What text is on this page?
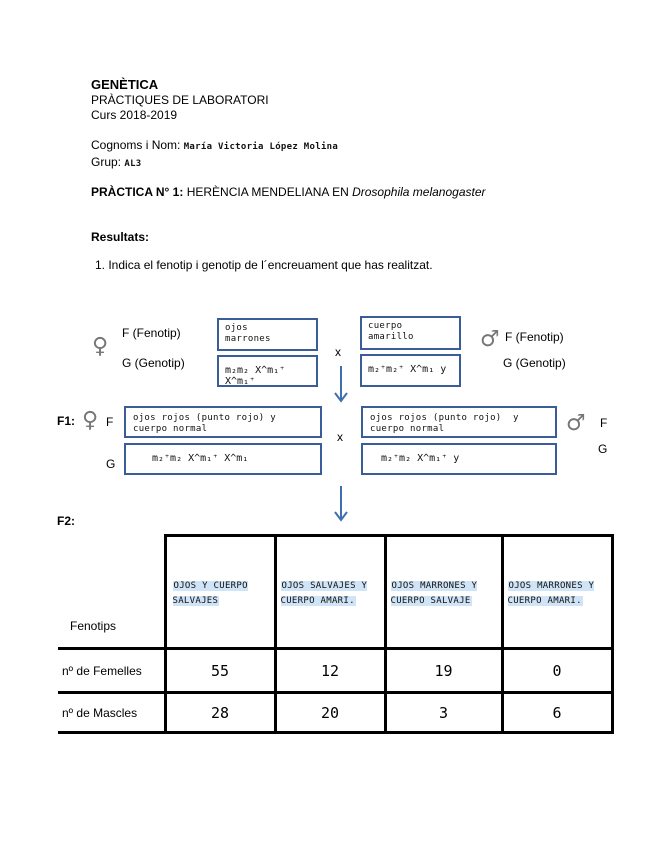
GENÈTICA
PRÀCTIQUES DE LABORATORI
Curs 2018-2019
Cognoms i Nom: María Victoria López Molina
Grup: AL3
PRÀCTICA N° 1: HERÈNCIA MENDELIANA EN Drosophila melanogaster
Resultats:
1. Indica el fenotip i genotip de l´encreuament que has realitzat.
♀
F (Fenotip)
G (Genotip)
ojos
marrones
m₂m₂ X^m₁⁺ X^m₁⁺
x
cuerpo
amarillo
m₂⁺m₂⁺ X^m₁ y
♂ F (Fenotip)
G (Genotip)
F1: ♀ F
G
ojos rojos (punto rojo) y
cuerpo normal
m₂⁺m₂ X^m₁⁺ X^m₁
x
ojos rojos (punto rojo)  y
cuerpo normal
m₂⁺m₂ X^m₁⁺ y
♂ F
G
F2:
Fenotips	OJOS Y CUERPO SALVAJES	OJOS SALVAJES Y CUERPO AMARI.	OJOS MARRONES Y CUERPO SALVAJE	OJOS MARRONES Y CUERPO AMARI.
nº de Femelles	55	12	19	0
nº de Mascles	28	20	3	6
